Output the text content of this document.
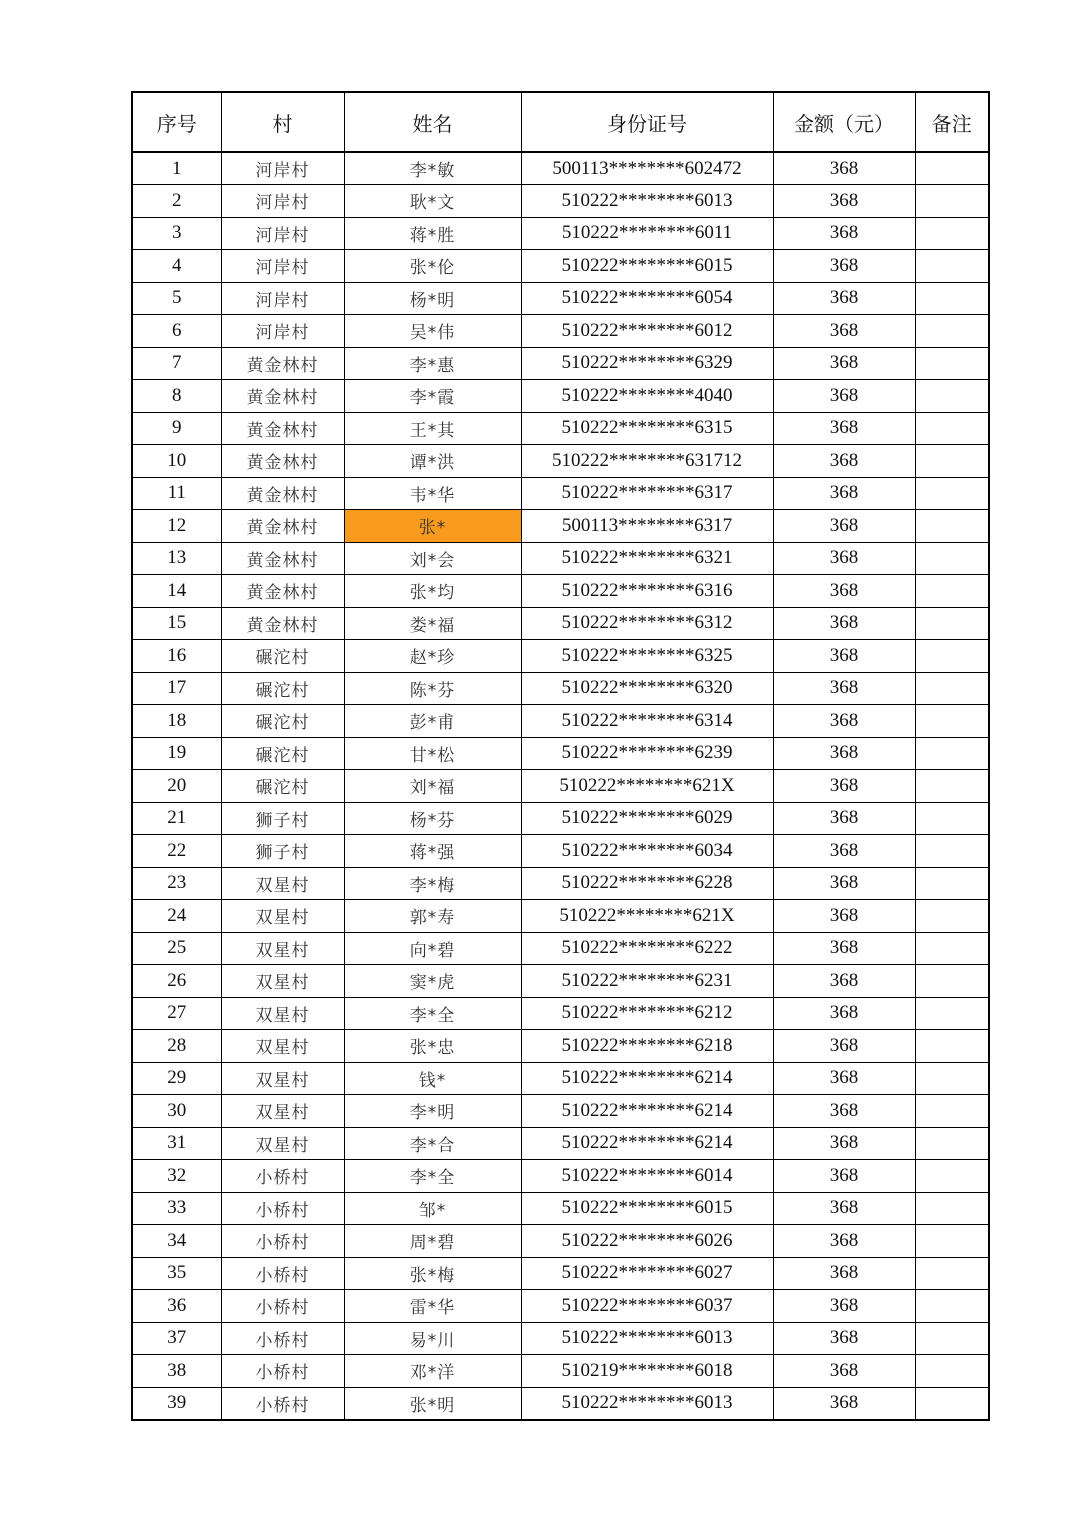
序号	村	姓名	身份证号	金额（元）	备注
1	河岸村	李*敏	500113********602472	368	
2	河岸村	耿*文	510222********6013	368	
3	河岸村	蒋*胜	510222********6011	368	
4	河岸村	张*伦	510222********6015	368	
5	河岸村	杨*明	510222********6054	368	
6	河岸村	吴*伟	510222********6012	368	
7	黄金林村	李*惠	510222********6329	368	
8	黄金林村	李*霞	510222********4040	368	
9	黄金林村	王*其	510222********6315	368	
10	黄金林村	谭*洪	510222********631712	368	
11	黄金林村	韦*华	510222********6317	368	
12	黄金林村	张*	500113********6317	368	
13	黄金林村	刘*会	510222********6321	368	
14	黄金林村	张*均	510222********6316	368	
15	黄金林村	娄*福	510222********6312	368	
16	碾沱村	赵*珍	510222********6325	368	
17	碾沱村	陈*芬	510222********6320	368	
18	碾沱村	彭*甫	510222********6314	368	
19	碾沱村	甘*松	510222********6239	368	
20	碾沱村	刘*福	510222********621X	368	
21	狮子村	杨*芬	510222********6029	368	
22	狮子村	蒋*强	510222********6034	368	
23	双星村	李*梅	510222********6228	368	
24	双星村	郭*寿	510222********621X	368	
25	双星村	向*碧	510222********6222	368	
26	双星村	窦*虎	510222********6231	368	
27	双星村	李*全	510222********6212	368	
28	双星村	张*忠	510222********6218	368	
29	双星村	钱*	510222********6214	368	
30	双星村	李*明	510222********6214	368	
31	双星村	李*合	510222********6214	368	
32	小桥村	李*全	510222********6014	368	
33	小桥村	邹*	510222********6015	368	
34	小桥村	周*碧	510222********6026	368	
35	小桥村	张*梅	510222********6027	368	
36	小桥村	雷*华	510222********6037	368	
37	小桥村	易*川	510222********6013	368	
38	小桥村	邓*洋	510219********6018	368	
39	小桥村	张*明	510222********6013	368	
